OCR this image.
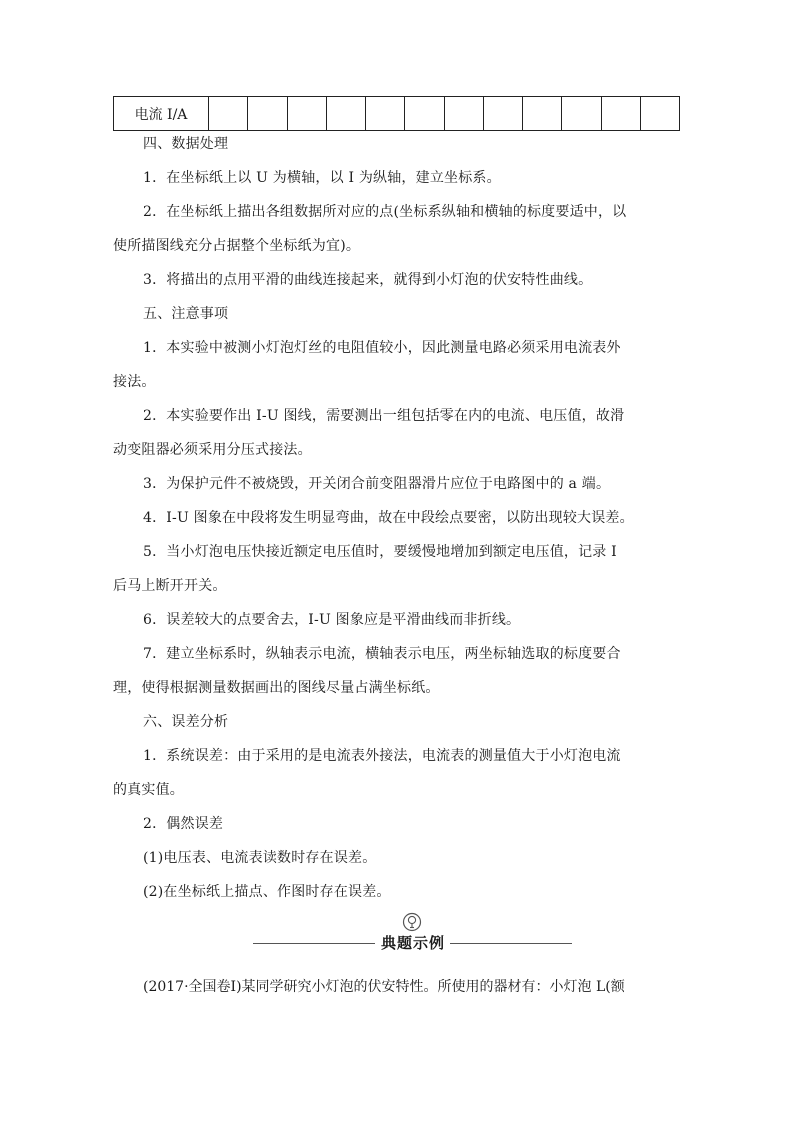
电流 I/A												

四、数据处理

1．在坐标纸上以 U 为横轴，以 I 为纵轴，建立坐标系。

2．在坐标纸上描出各组数据所对应的点(坐标系纵轴和横轴的标度要适中，以

使所描图线充分占据整个坐标纸为宜)。

3．将描出的点用平滑的曲线连接起来，就得到小灯泡的伏安特性曲线。

五、注意事项

1．本实验中被测小灯泡灯丝的电阻值较小，因此测量电路必须采用电流表外

接法。

2．本实验要作出 I-U 图线，需要测出一组包括零在内的电流、电压值，故滑

动变阻器必须采用分压式接法。

3．为保护元件不被烧毁，开关闭合前变阻器滑片应位于电路图中的 a 端。

4．I-U 图象在中段将发生明显弯曲，故在中段绘点要密，以防出现较大误差。

5．当小灯泡电压快接近额定电压值时，要缓慢地增加到额定电压值，记录 I

后马上断开开关。

6．误差较大的点要舍去，I-U 图象应是平滑曲线而非折线。

7．建立坐标系时，纵轴表示电流，横轴表示电压，两坐标轴选取的标度要合

理，使得根据测量数据画出的图线尽量占满坐标纸。

六、误差分析

1．系统误差：由于采用的是电流表外接法，电流表的测量值大于小灯泡电流

的真实值。

2．偶然误差

(1)电压表、电流表读数时存在误差。

(2)在坐标纸上描点、作图时存在误差。

典题示例

(2017·全国卷Ⅰ)某同学研究小灯泡的伏安特性。所使用的器材有：小灯泡 L(额
